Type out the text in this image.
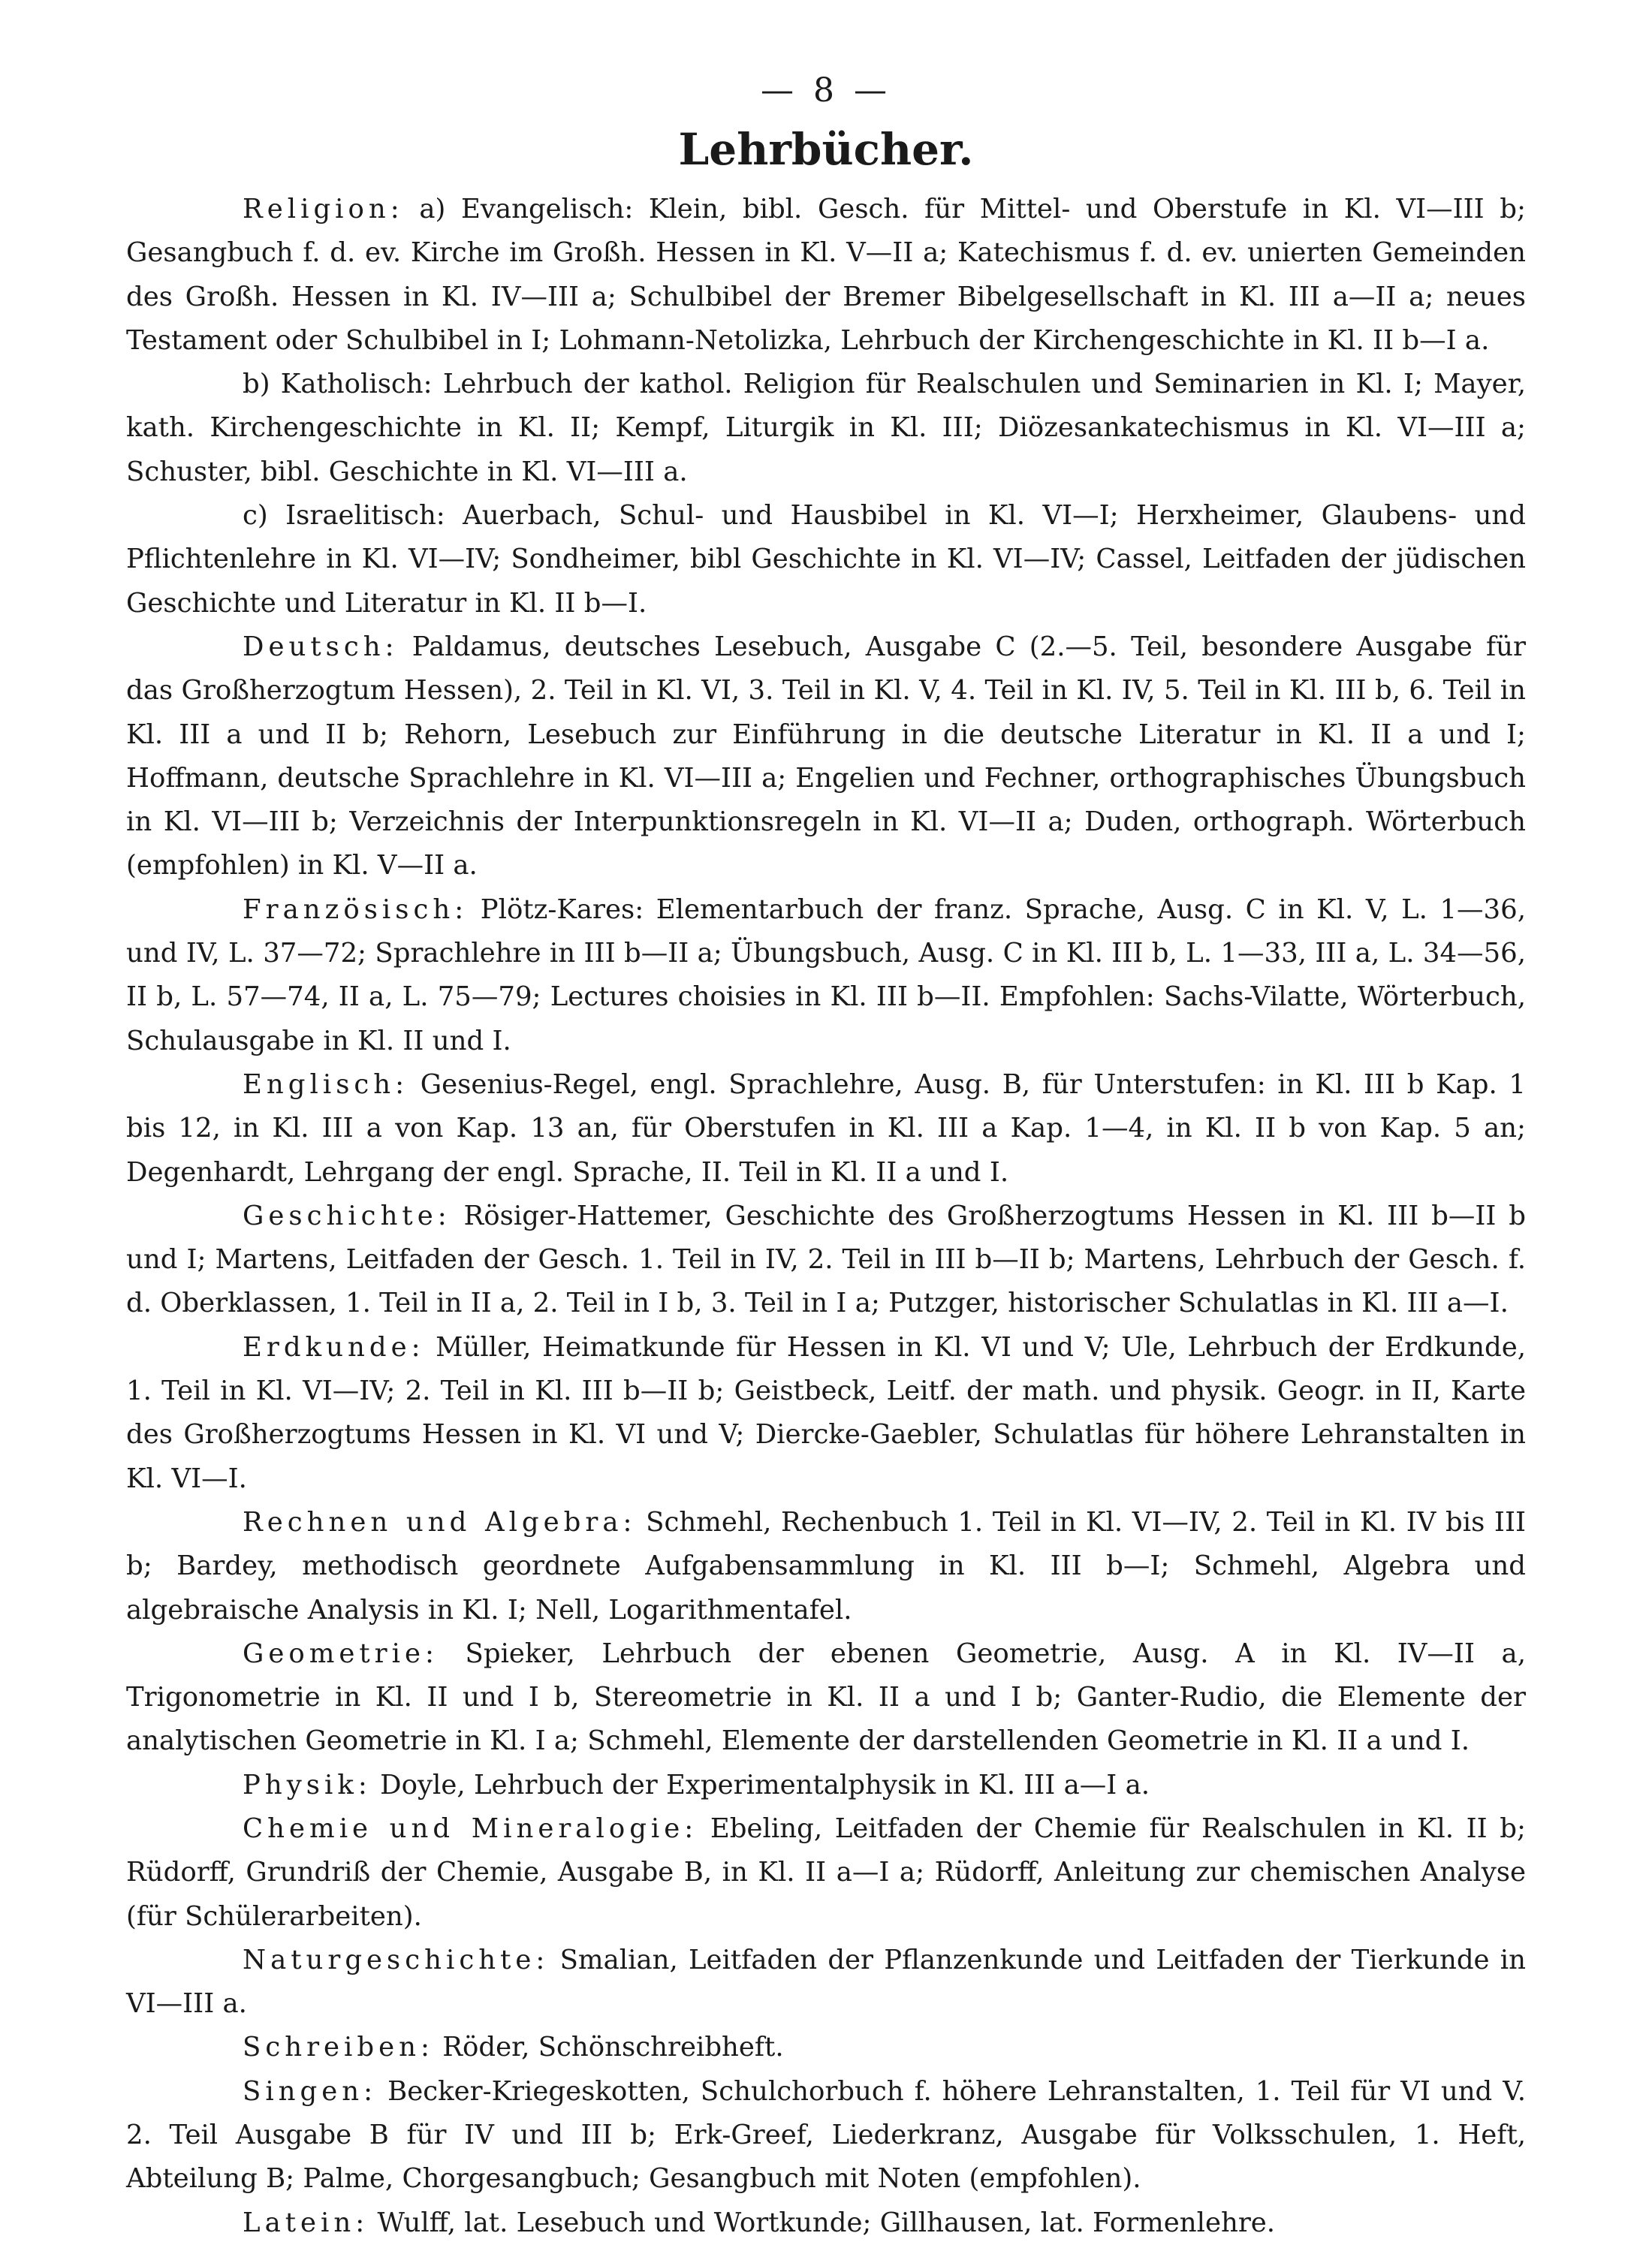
— 8 —
Lehrbücher.

Religion: a) Evangelisch: Klein, bibl. Gesch. für Mittel- und Oberstufe in Kl. VI—III b; Gesangbuch f. d. ev. Kirche im Großh. Hessen in Kl. V—II a; Katechismus f. d. ev. unierten Gemeinden des Großh. Hessen in Kl. IV—III a; Schulbibel der Bremer Bibelgesellschaft in Kl. III a—II a; neues Testament oder Schulbibel in I; Lohmann-Netolizka, Lehrbuch der Kirchengeschichte in Kl. II b—I a.

b) Katholisch: Lehrbuch der kathol. Religion für Realschulen und Seminarien in Kl. I; Mayer, kath. Kirchengeschichte in Kl. II; Kempf, Liturgik in Kl. III; Diözesankatechismus in Kl. VI—III a; Schuster, bibl. Geschichte in Kl. VI—III a.

c) Israelitisch: Auerbach, Schul- und Hausbibel in Kl. VI—I; Herxheimer, Glaubens- und Pflichtenlehre in Kl. VI—IV; Sondheimer, bibl Geschichte in Kl. VI—IV; Cassel, Leitfaden der jüdischen Geschichte und Literatur in Kl. II b—I.

Deutsch: Paldamus, deutsches Lesebuch, Ausgabe C (2.—5. Teil, besondere Ausgabe für das Großherzogtum Hessen), 2. Teil in Kl. VI, 3. Teil in Kl. V, 4. Teil in Kl. IV, 5. Teil in Kl. III b, 6. Teil in Kl. III a und II b; Rehorn, Lesebuch zur Einführung in die deutsche Literatur in Kl. II a und I; Hoffmann, deutsche Sprachlehre in Kl. VI—III a; Engelien und Fechner, orthographisches Übungsbuch in Kl. VI—III b; Verzeichnis der Interpunktionsregeln in Kl. VI—II a; Duden, orthograph. Wörterbuch (empfohlen) in Kl. V—II a.

Französisch: Plötz-Kares: Elementarbuch der franz. Sprache, Ausg. C in Kl. V, L. 1—36, und IV, L. 37—72; Sprachlehre in III b—II a; Übungsbuch, Ausg. C in Kl. III b, L. 1—33, III a, L. 34—56, II b, L. 57—74, II a, L. 75—79; Lectures choisies in Kl. III b—II. Empfohlen: Sachs-Vilatte, Wörterbuch, Schulausgabe in Kl. II und I.

Englisch: Gesenius-Regel, engl. Sprachlehre, Ausg. B, für Unterstufen: in Kl. III b Kap. 1 bis 12, in Kl. III a von Kap. 13 an, für Oberstufen in Kl. III a Kap. 1—4, in Kl. II b von Kap. 5 an; Degenhardt, Lehrgang der engl. Sprache, II. Teil in Kl. II a und I.

Geschichte: Rösiger-Hattemer, Geschichte des Großherzogtums Hessen in Kl. III b—II b und I; Martens, Leitfaden der Gesch. 1. Teil in IV, 2. Teil in III b—II b; Martens, Lehrbuch der Gesch. f. d. Oberklassen, 1. Teil in II a, 2. Teil in I b, 3. Teil in I a; Putzger, historischer Schulatlas in Kl. III a—I.

Erdkunde: Müller, Heimatkunde für Hessen in Kl. VI und V; Ule, Lehrbuch der Erdkunde, 1. Teil in Kl. VI—IV; 2. Teil in Kl. III b—II b; Geistbeck, Leitf. der math. und physik. Geogr. in II, Karte des Großherzogtums Hessen in Kl. VI und V; Diercke-Gaebler, Schulatlas für höhere Lehranstalten in Kl. VI—I.

Rechnen und Algebra: Schmehl, Rechenbuch 1. Teil in Kl. VI—IV, 2. Teil in Kl. IV bis III b; Bardey, methodisch geordnete Aufgabensammlung in Kl. III b—I; Schmehl, Algebra und algebraische Analysis in Kl. I; Nell, Logarithmentafel.

Geometrie: Spieker, Lehrbuch der ebenen Geometrie, Ausg. A in Kl. IV—II a, Trigonometrie in Kl. II und I b, Stereometrie in Kl. II a und I b; Ganter-Rudio, die Elemente der analytischen Geometrie in Kl. I a; Schmehl, Elemente der darstellenden Geometrie in Kl. II a und I.

Physik: Doyle, Lehrbuch der Experimentalphysik in Kl. III a—I a.

Chemie und Mineralogie: Ebeling, Leitfaden der Chemie für Realschulen in Kl. II b; Rüdorff, Grundriß der Chemie, Ausgabe B, in Kl. II a—I a; Rüdorff, Anleitung zur chemischen Analyse (für Schülerarbeiten).

Naturgeschichte: Smalian, Leitfaden der Pflanzenkunde und Leitfaden der Tierkunde in VI—III a.

Schreiben: Röder, Schönschreibheft.

Singen: Becker-Kriegeskotten, Schulchorbuch f. höhere Lehranstalten, 1. Teil für VI und V. 2. Teil Ausgabe B für IV und III b; Erk-Greef, Liederkranz, Ausgabe für Volksschulen, 1. Heft, Abteilung B; Palme, Chorgesangbuch; Gesangbuch mit Noten (empfohlen).

Latein: Wulff, lat. Lesebuch und Wortkunde; Gillhausen, lat. Formenlehre.
